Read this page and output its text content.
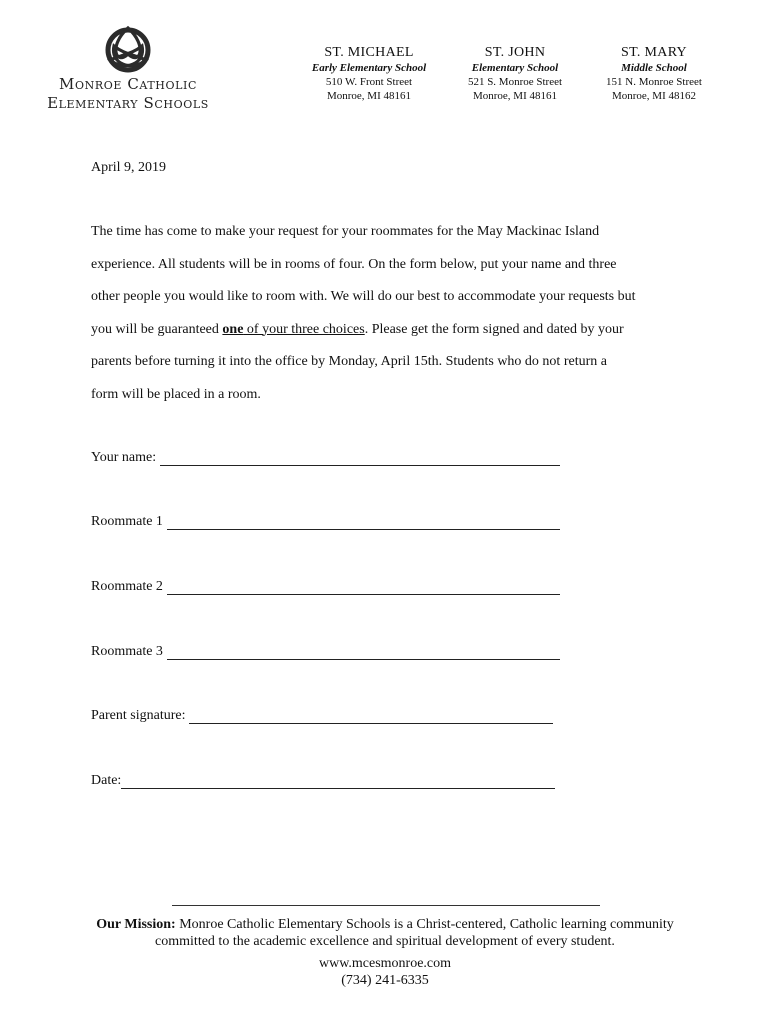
Monroe Catholic
Elementary Schools
ST. MICHAEL
Early Elementary School
510 W. Front Street
Monroe, MI 48161
ST. JOHN
Elementary School
521 S. Monroe Street
Monroe, MI 48161
ST. MARY
Middle School
151 N. Monroe Street
Monroe, MI 48162
April 9, 2019
The time has come to make your request for your roommates for the May Mackinac Island
experience. All students will be in rooms of four. On the form below, put your name and three
other people you would like to room with. We will do our best to accommodate your requests but
you will be guaranteed one of your three choices. Please get the form signed and dated by your
parents before turning it into the office by Monday, April 15th. Students who do not return a
form will be placed in a room.
Your name:
Roommate 1
Roommate 2
Roommate 3
Parent signature:
Date:
Our Mission: Monroe Catholic Elementary Schools is a Christ-centered, Catholic learning community
committed to the academic excellence and spiritual development of every student.
www.mcesmonroe.com
(734) 241-6335
